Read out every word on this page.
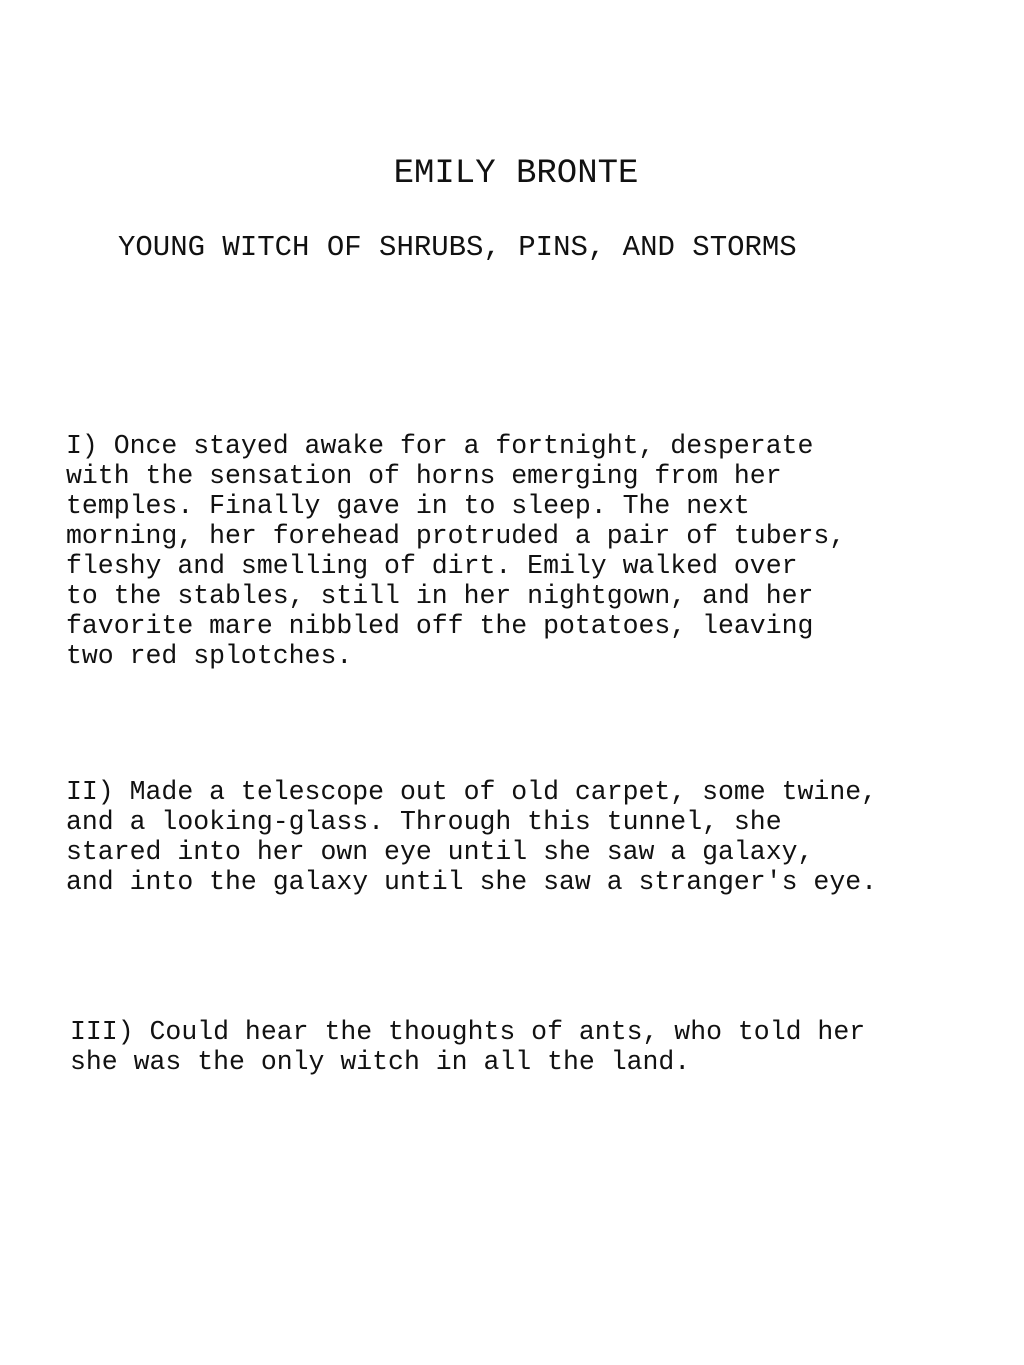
EMILY BRONTE
YOUNG WITCH OF SHRUBS, PINS, AND STORMS
I) Once stayed awake for a fortnight, desperate
with the sensation of horns emerging from her
temples. Finally gave in to sleep. The next
morning, her forehead protruded a pair of tubers,
fleshy and smelling of dirt. Emily walked over
to the stables, still in her nightgown, and her
favorite mare nibbled off the potatoes, leaving
two red splotches.
II) Made a telescope out of old carpet, some twine,
and a looking-glass. Through this tunnel, she
stared into her own eye until she saw a galaxy,
and into the galaxy until she saw a stranger's eye.
III) Could hear the thoughts of ants, who told her
she was the only witch in all the land.
